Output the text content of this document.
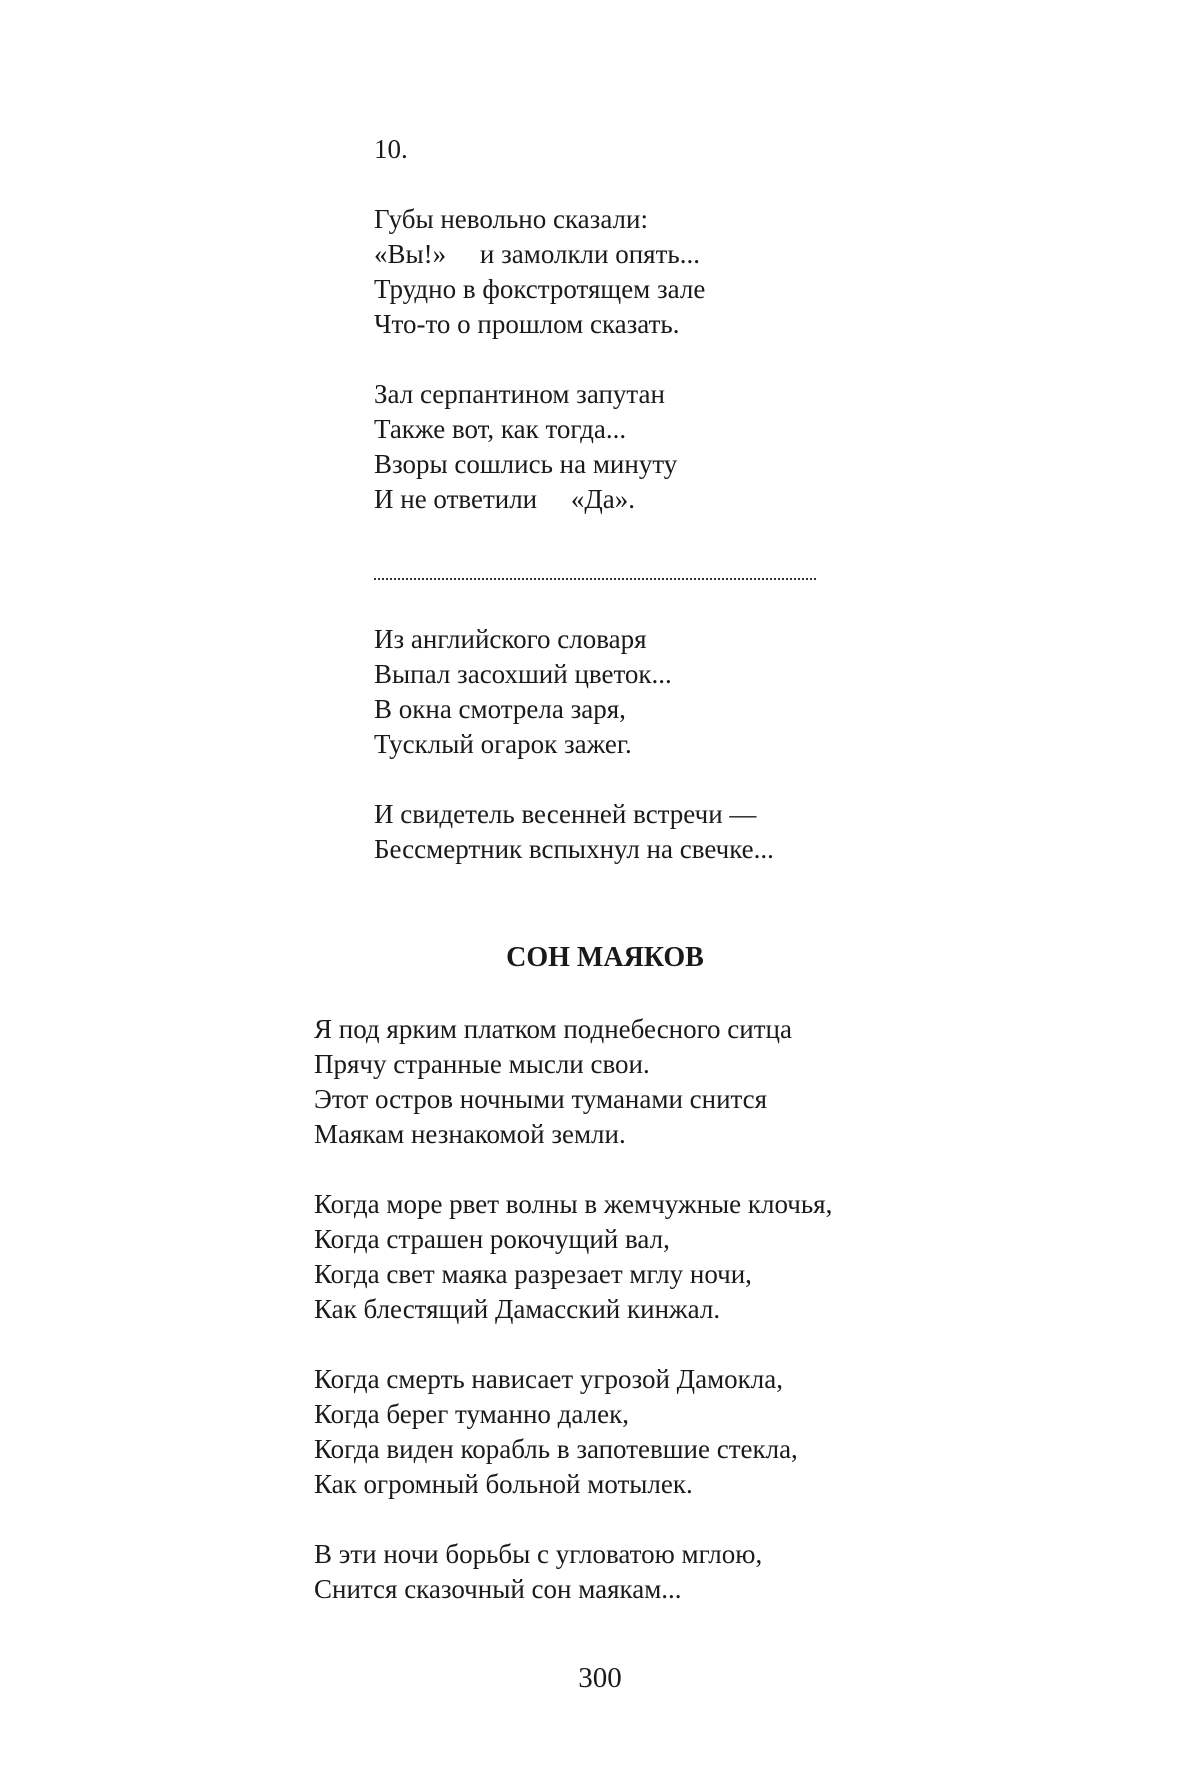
10.
Губы невольно сказали:
«Вы!»     и замолкли опять...
Трудно в фокстротящем зале
Что-то о прошлом сказать.
Зал серпантином запутан
Также вот, как тогда...
Взоры сошлись на минуту
И не ответили     «Да».
Из английского словаря
Выпал засохший цветок...
В окна смотрела заря,
Тусклый огарок зажег.
И свидетель весенней встречи —
Бессмертник вспыхнул на свечке...
СОН МАЯКОВ
Я под ярким платком поднебесного ситца
Прячу странные мысли свои.
Этот остров ночными туманами снится
Маякам незнакомой земли.
Когда море рвет волны в жемчужные клочья,
Когда страшен рокочущий вал,
Когда свет маяка разрезает мглу ночи,
Как блестящий Дамасский кинжал.
Когда смерть нависает угрозой Дамокла,
Когда берег туманно далек,
Когда виден корабль в запотевшие стекла,
Как огромный больной мотылек.
В эти ночи борьбы с угловатою мглою,
Снится сказочный сон маякам...
300
